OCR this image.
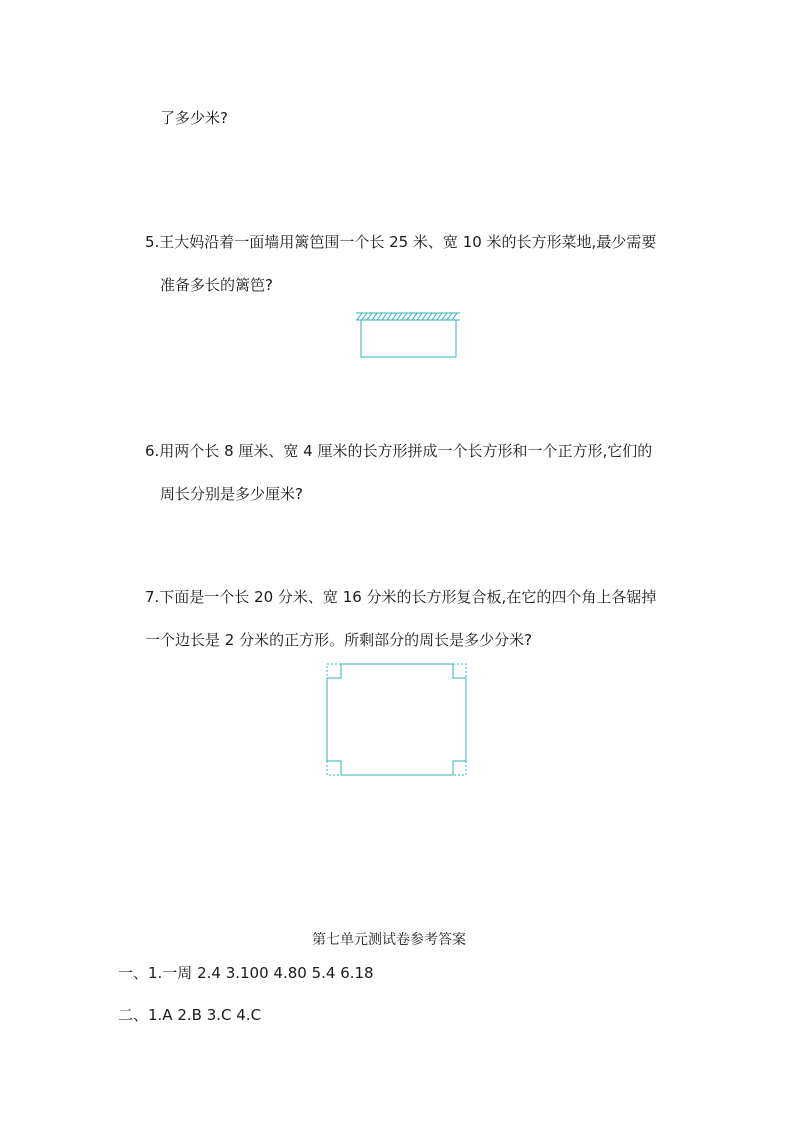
了多少米?
5.王大妈沿着一面墙用篱笆围一个长 25 米、宽 10 米的长方形菜地,最少需要
准备多长的篱笆?
6.用两个长 8 厘米、宽 4 厘米的长方形拼成一个长方形和一个正方形,它们的
周长分别是多少厘米?
7.下面是一个长 20 分米、宽 16 分米的长方形复合板,在它的四个角上各锯掉
一个边长是 2 分米的正方形。所剩部分的周长是多少分米?
第七单元测试卷参考答案
一、1.一周 2.4 3.100 4.80 5.4 6.18
二、1.A 2.B 3.C 4.C
